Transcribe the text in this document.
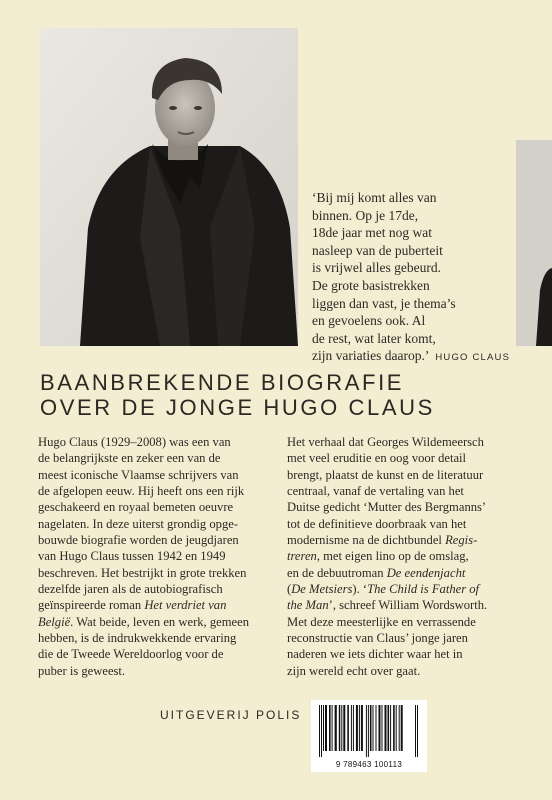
‘Bij mij komt alles van
binnen. Op je 17de,
18de jaar met nog wat
nasleep van de puberteit
is vrijwel alles gebeurd.
De grote basistrekken
liggen dan vast, je thema’s
en gevoelens ook. Al
de rest, wat later komt,
zijn variaties daarop.’ HUGO CLAUS
BAANBREKENDE BIOGRAFIE
OVER DE JONGE HUGO CLAUS
Hugo Claus (1929–2008) was een van
de belangrijkste en zeker een van de
meest iconische Vlaamse schrijvers van
de afgelopen eeuw. Hij heeft ons een rijk
geschakeerd en royaal bemeten oeuvre
nagelaten. In deze uiterst grondig opge-
bouwde biografie worden de jeugdjaren
van Hugo Claus tussen 1942 en 1949
beschreven. Het bestrijkt in grote trekken
dezelfde jaren als de autobiografisch
geïnspireerde roman Het verdriet van
België. Wat beide, leven en werk, gemeen
hebben, is de indrukwekkende ervaring
die de Tweede Wereldoorlog voor de
puber is geweest.
Het verhaal dat Georges Wildemeersch
met veel eruditie en oog voor detail
brengt, plaatst de kunst en de literatuur
centraal, vanaf de vertaling van het
Duitse gedicht ‘Mutter des Bergmanns’
tot de definitieve doorbraak van het
modernisme na de dichtbundel Regis-
treren, met eigen lino op de omslag,
en de debuutroman De eendenjacht
(De Metsiers). ‘The Child is Father of
the Man’, schreef William Wordsworth.
Met deze meesterlijke en verrassende
reconstructie van Claus’ jonge jaren
naderen we iets dichter waar het in
zijn wereld echt over gaat.
UITGEVERIJ POLIS
9 789463 100113
